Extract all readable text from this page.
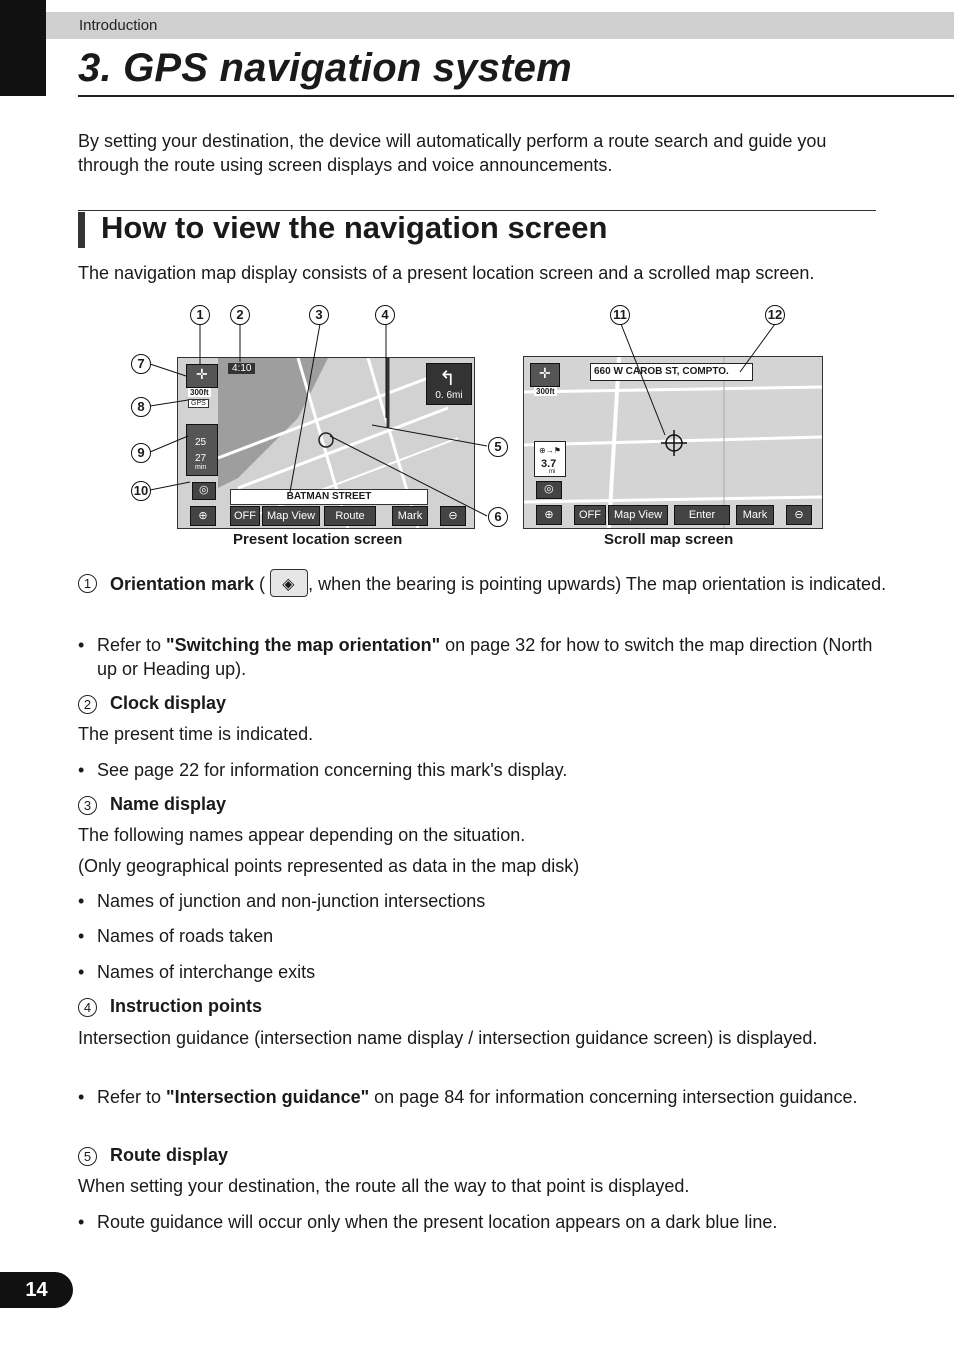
Introduction
3. GPS navigation system

By setting your destination, the device will automatically perform a route search and guide you through the route using screen displays and voice announcements.

How to view the navigation screen

The navigation map display consists of a present location screen and a scrolled map screen.

4:10	↰
0. 6mi
✛
300ft
GPS
25
27
min
◎
BATMAN STREET
⊕	OFF Map View	Route	Mark	⊖
✛	660 W CAROB ST, COMPTO.
300ft
⊕→⚑
3.7
mi
◎
⊕	OFF	Map View	Enter	Mark	⊖
1	2	3	4
5
6
7
8
9
10
11	12
Present location screen	Scroll map screen
1	Orientation mark ( ◈ , when the bearing is pointing upwards) The map orientation is indicated.
• Refer to "Switching the map orientation" on page 32 for how to switch the map direction (North up or Heading up).
2	Clock display

The present time is indicated.

• See page 22 for information concerning this mark's display.
3	Name display

The following names appear depending on the situation.

(Only geographical points represented as data in the map disk)

• Names of junction and non-junction intersections
• Names of roads taken
• Names of interchange exits
4	Instruction points

Intersection guidance (intersection name display / intersection guidance screen) is displayed.

• Refer to "Intersection guidance" on page 84 for information concerning intersection guidance.
5	Route display

When setting your destination, the route all the way to that point is displayed.

• Route guidance will occur only when the present location appears on a dark blue line.
14
